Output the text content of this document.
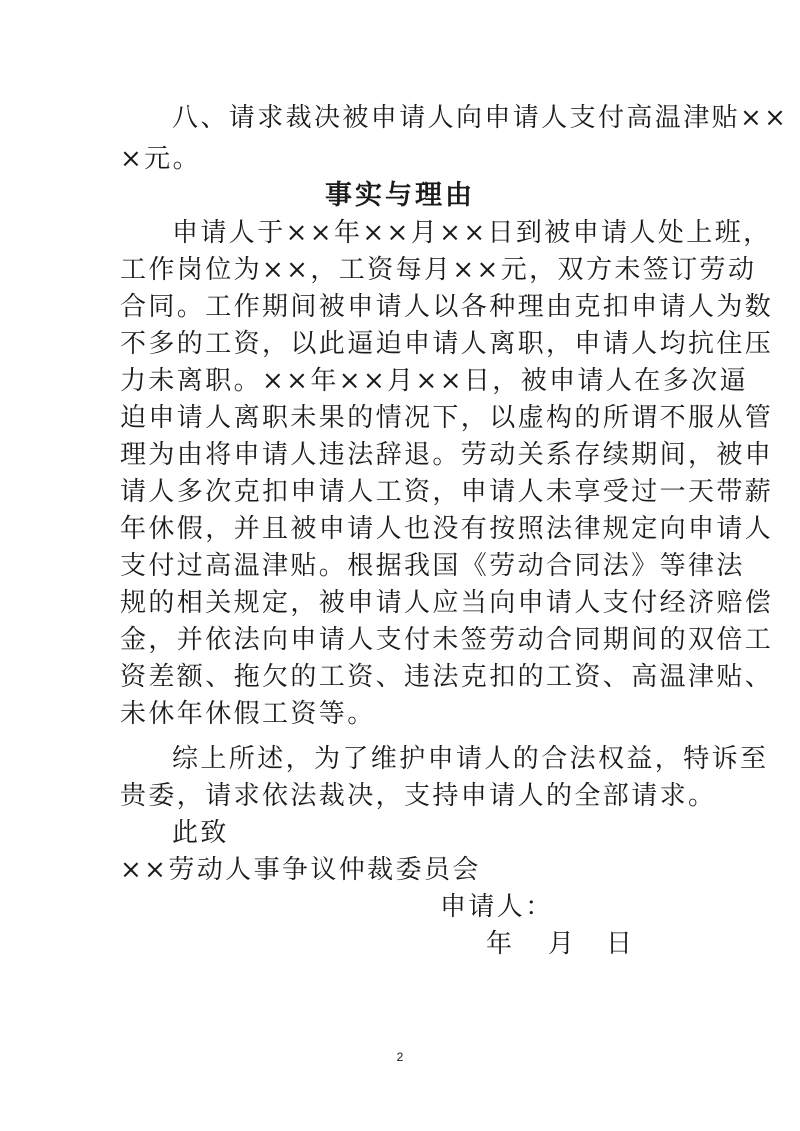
八、请求裁决被申请人向申请人支付高温津贴××
×元。
事实与理由
申请人于××年××月××日到被申请人处上班，
工作岗位为××，工资每月××元，双方未签订劳动
合同。工作期间被申请人以各种理由克扣申请人为数
不多的工资，以此逼迫申请人离职，申请人均抗住压
力未离职。××年××月××日，被申请人在多次逼
迫申请人离职未果的情况下，以虚构的所谓不服从管
理为由将申请人违法辞退。劳动关系存续期间，被申
请人多次克扣申请人工资，申请人未享受过一天带薪
年休假，并且被申请人也没有按照法律规定向申请人
支付过高温津贴。根据我国《劳动合同法》等律法
规的相关规定，被申请人应当向申请人支付经济赔偿
金，并依法向申请人支付未签劳动合同期间的双倍工
资差额、拖欠的工资、违法克扣的工资、高温津贴、
未休年休假工资等。
综上所述，为了维护申请人的合法权益，特诉至
贵委，请求依法裁决，支持申请人的全部请求。
此致
××劳动人事争议仲裁委员会
申请人：
年 月 日
2
